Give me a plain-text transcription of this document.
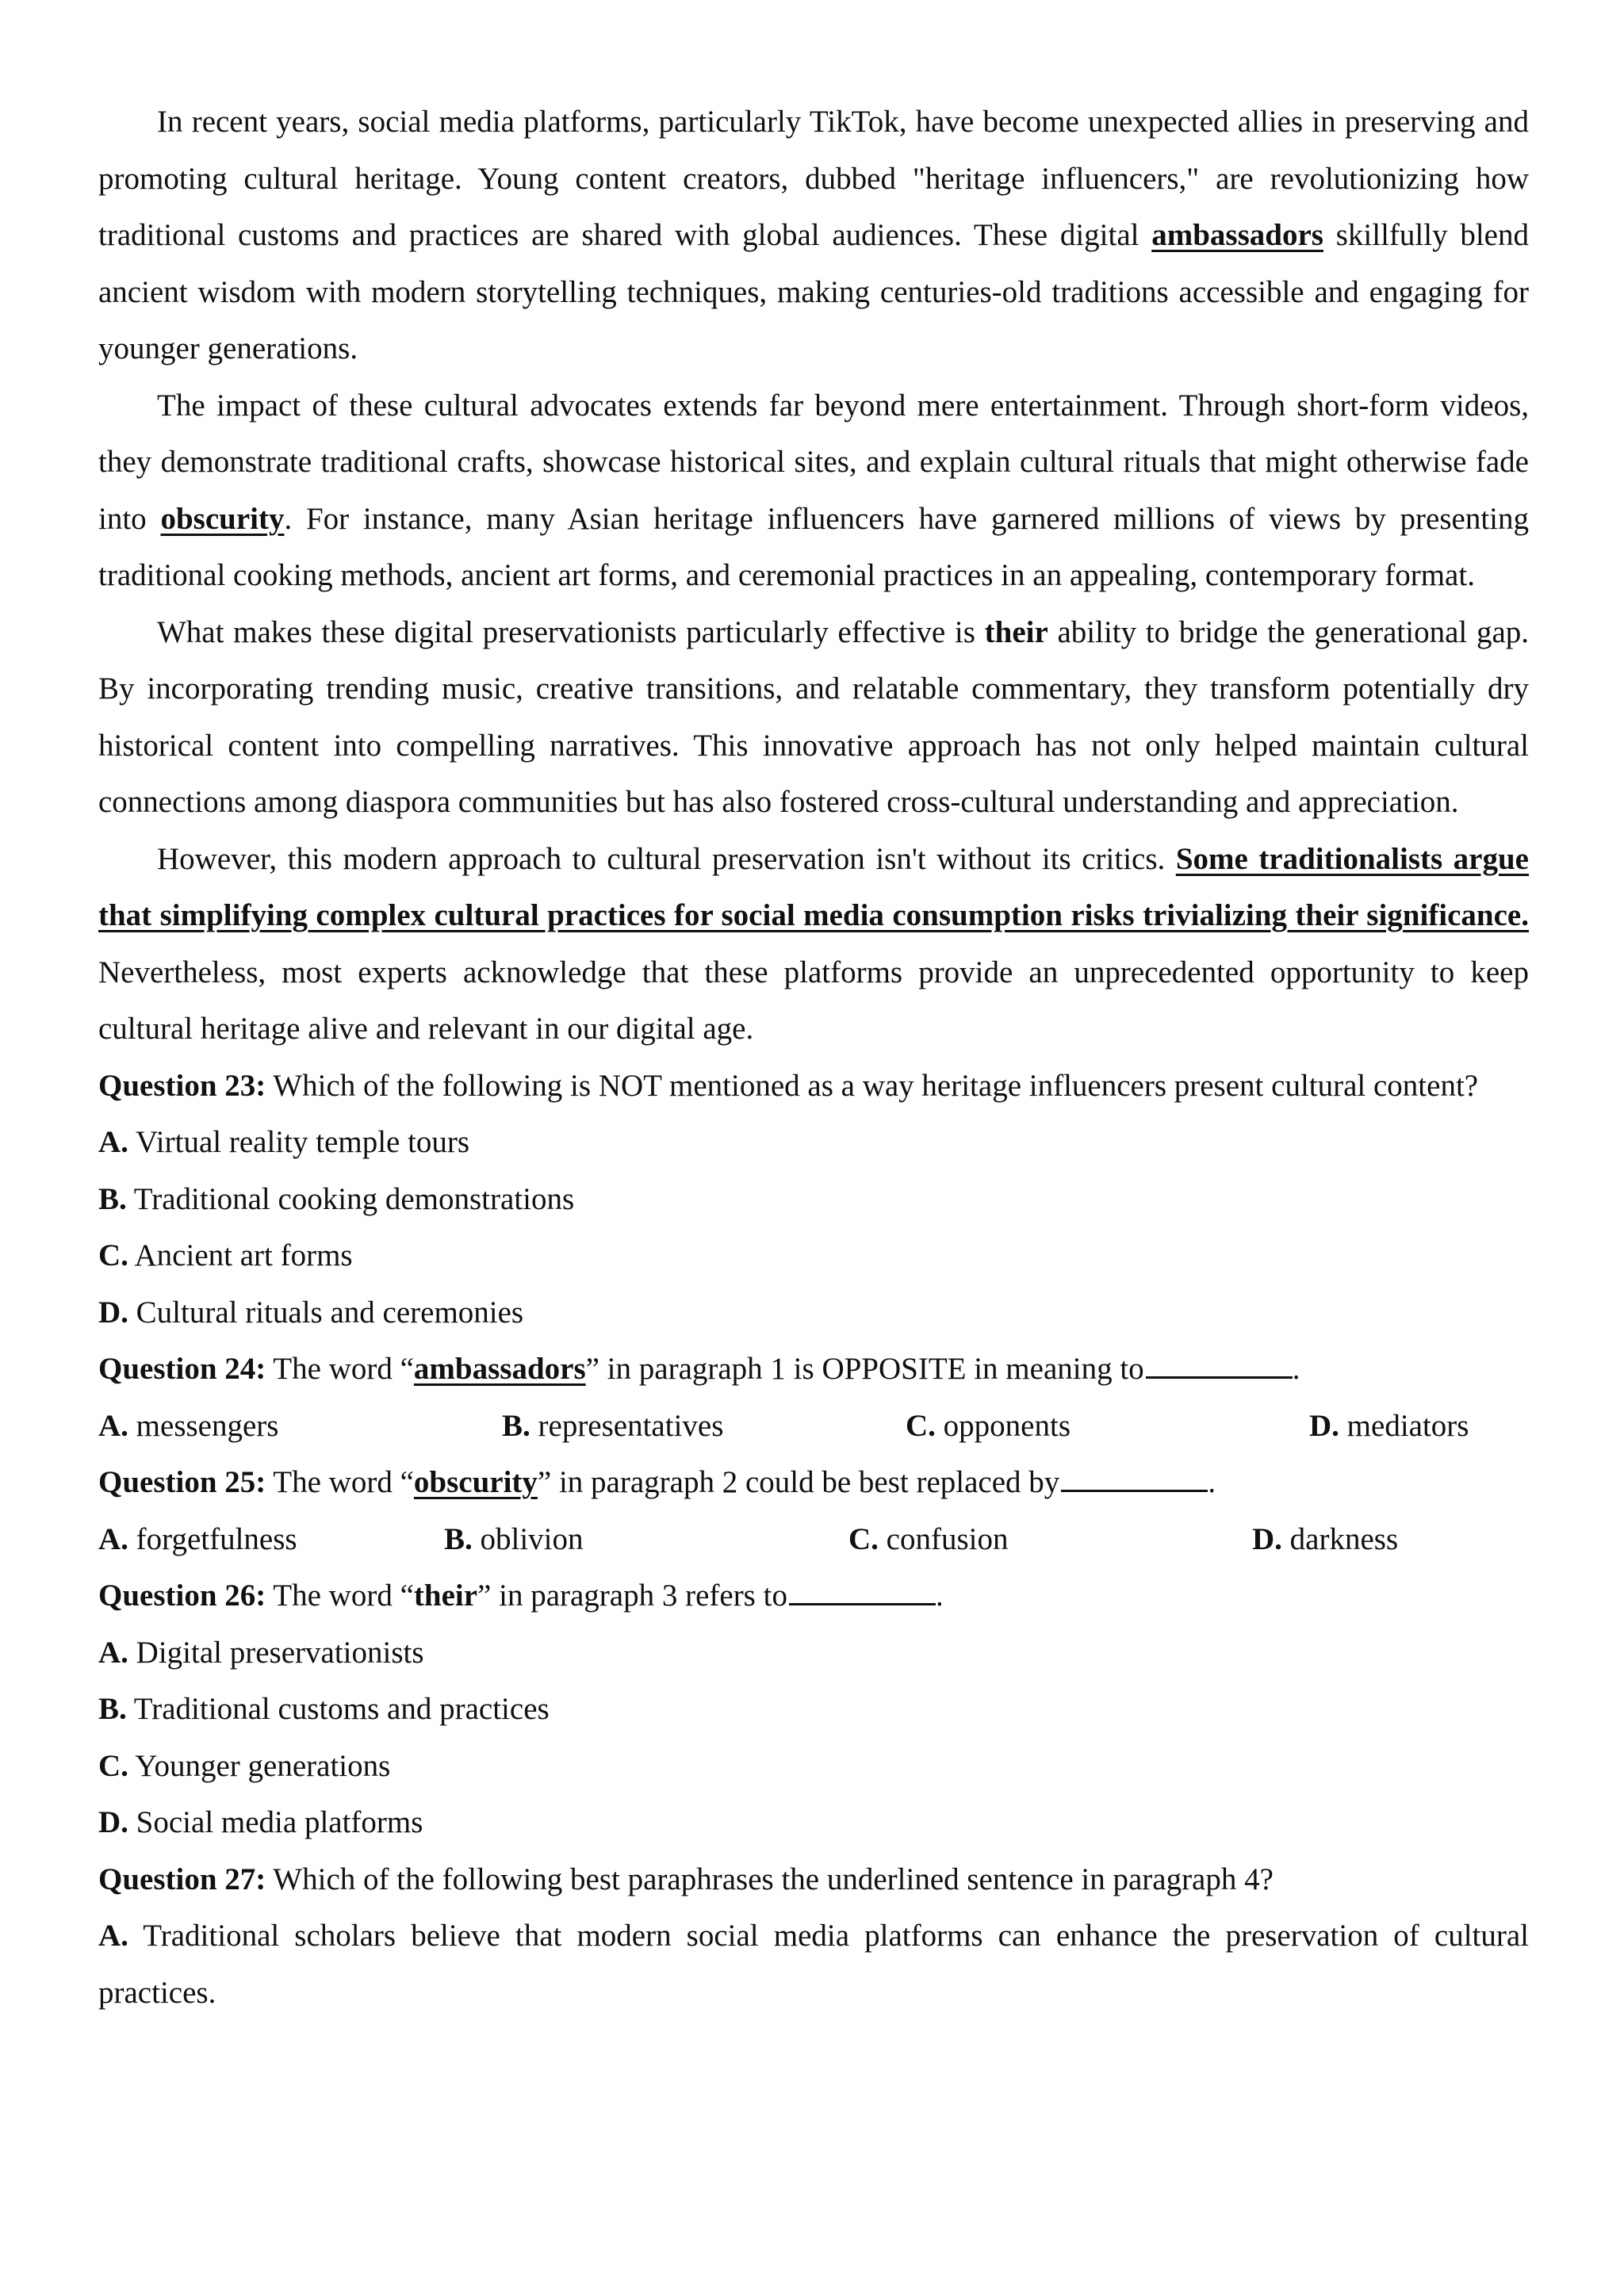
In recent years, social media platforms, particularly TikTok, have become unexpected allies in preserving and promoting cultural heritage. Young content creators, dubbed "heritage influencers," are revolutionizing how traditional customs and practices are shared with global audiences. These digital ambassadors skillfully blend ancient wisdom with modern storytelling techniques, making centuries-old traditions accessible and engaging for younger generations.

The impact of these cultural advocates extends far beyond mere entertainment. Through short-form videos, they demonstrate traditional crafts, showcase historical sites, and explain cultural rituals that might otherwise fade into obscurity. For instance, many Asian heritage influencers have garnered millions of views by presenting traditional cooking methods, ancient art forms, and ceremonial practices in an appealing, contemporary format.

What makes these digital preservationists particularly effective is their ability to bridge the generational gap. By incorporating trending music, creative transitions, and relatable commentary, they transform potentially dry historical content into compelling narratives. This innovative approach has not only helped maintain cultural connections among diaspora communities but has also fostered cross-cultural understanding and appreciation.

However, this modern approach to cultural preservation isn't without its critics. Some traditionalists argue that simplifying complex cultural practices for social media consumption risks trivializing their significance. Nevertheless, most experts acknowledge that these platforms provide an unprecedented opportunity to keep cultural heritage alive and relevant in our digital age.

Question 23: Which of the following is NOT mentioned as a way heritage influencers present cultural content?

A. Virtual reality temple tours

B. Traditional cooking demonstrations

C. Ancient art forms

D. Cultural rituals and ceremonies

Question 24: The word “ambassadors” in paragraph 1 is OPPOSITE in meaning to	.

A. messengers	B. representatives	C. opponents	D. mediators

Question 25: The word “obscurity” in paragraph 2 could be best replaced by	.

A. forgetfulness	B. oblivion	C. confusion	D. darkness

Question 26: The word “their” in paragraph 3 refers to	.

A. Digital preservationists

B. Traditional customs and practices

C. Younger generations

D. Social media platforms

Question 27: Which of the following best paraphrases the underlined sentence in paragraph 4?

A. Traditional scholars believe that modern social media platforms can enhance the preservation of cultural practices.
